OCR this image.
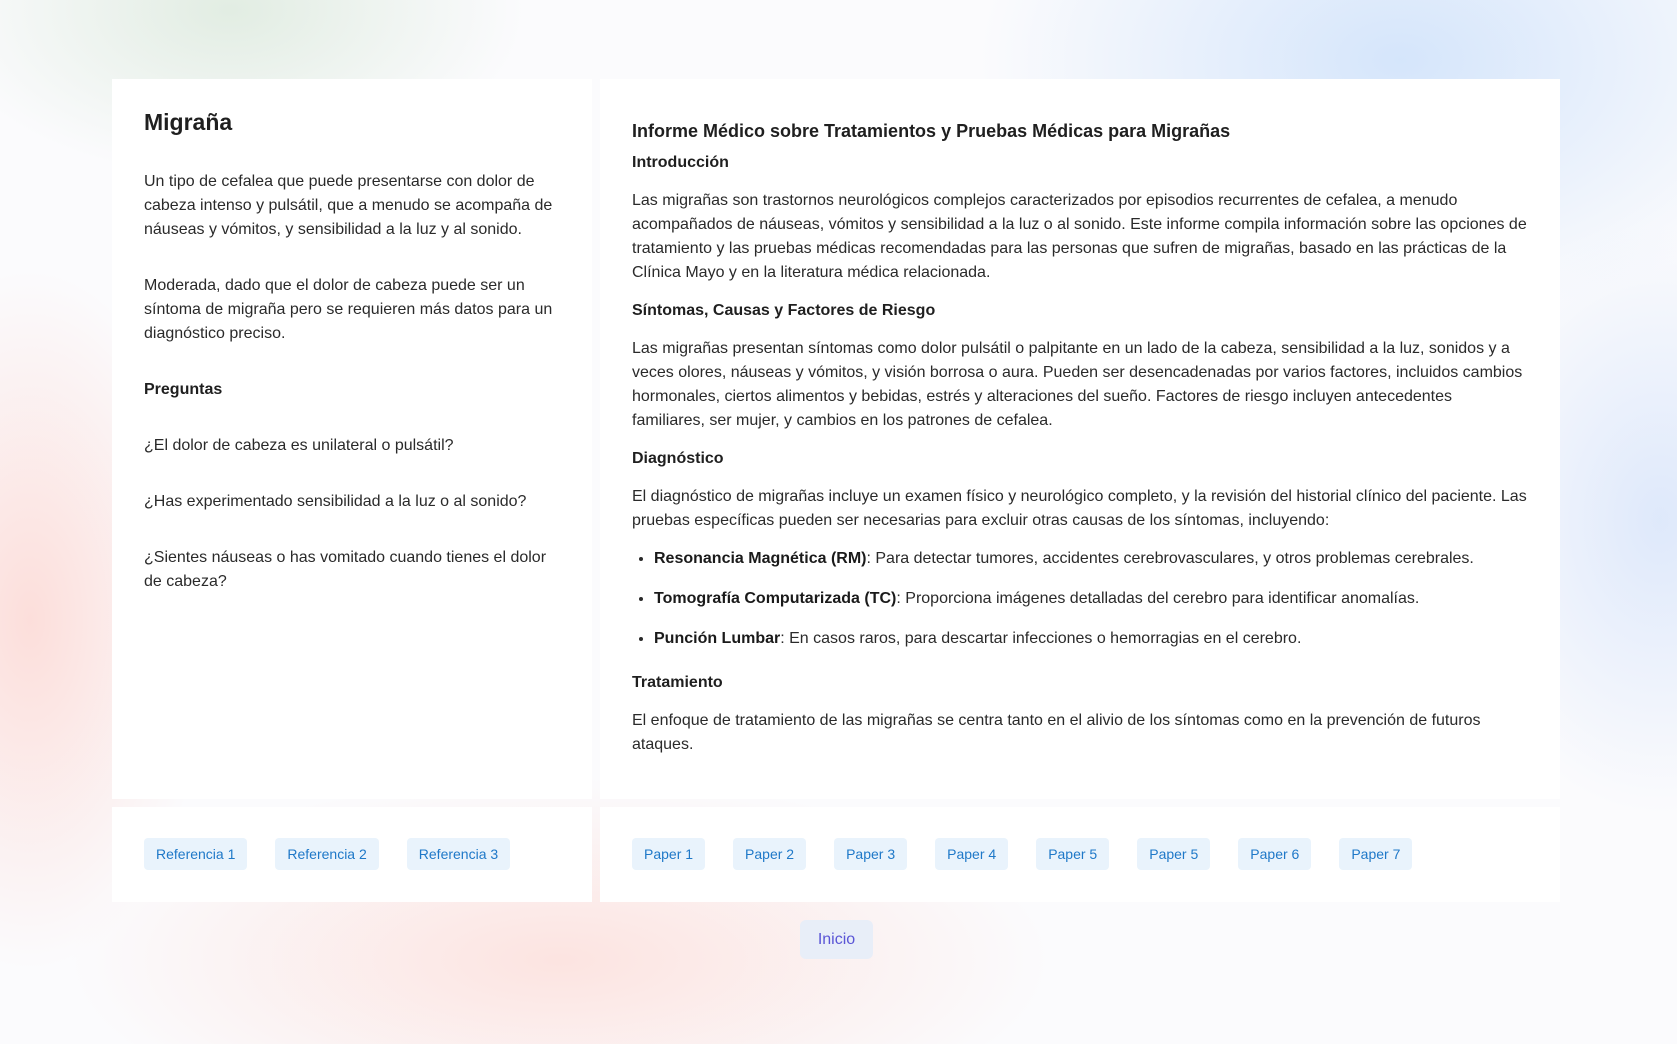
Migraña

Un tipo de cefalea que puede presentarse con dolor de cabeza intenso y pulsátil, que a menudo se acompaña de náuseas y vómitos, y sensibilidad a la luz y al sonido.

Moderada, dado que el dolor de cabeza puede ser un síntoma de migraña pero se requieren más datos para un diagnóstico preciso.

Preguntas
¿El dolor de cabeza es unilateral o pulsátil?
¿Has experimentado sensibilidad a la luz o al sonido?
¿Sientes náuseas o has vomitado cuando tienes el dolor de cabeza?
Informe Médico sobre Tratamientos y Pruebas Médicas para Migrañas
Introducción

Las migrañas son trastornos neurológicos complejos caracterizados por episodios recurrentes de cefalea, a menudo acompañados de náuseas, vómitos y sensibilidad a la luz o al sonido. Este informe compila información sobre las opciones de tratamiento y las pruebas médicas recomendadas para las personas que sufren de migrañas, basado en las prácticas de la Clínica Mayo y en la literatura médica relacionada.

Síntomas, Causas y Factores de Riesgo

Las migrañas presentan síntomas como dolor pulsátil o palpitante en un lado de la cabeza, sensibilidad a la luz, sonidos y a veces olores, náuseas y vómitos, y visión borrosa o aura. Pueden ser desencadenadas por varios factores, incluidos cambios hormonales, ciertos alimentos y bebidas, estrés y alteraciones del sueño. Factores de riesgo incluyen antecedentes familiares, ser mujer, y cambios en los patrones de cefalea.

Diagnóstico

El diagnóstico de migrañas incluye un examen físico y neurológico completo, y la revisión del historial clínico del paciente. Las pruebas específicas pueden ser necesarias para excluir otras causas de los síntomas, incluyendo:

• Resonancia Magnética (RM): Para detectar tumores, accidentes cerebrovasculares, y otros problemas cerebrales.
• Tomografía Computarizada (TC): Proporciona imágenes detalladas del cerebro para identificar anomalías.
• Punción Lumbar: En casos raros, para descartar infecciones o hemorragias en el cerebro.
Tratamiento

El enfoque de tratamiento de las migrañas se centra tanto en el alivio de los síntomas como en la prevención de futuros ataques.

Referencia 1	Referencia 2	Referencia 3	Paper 1	Paper 2	Paper 3	Paper 4	Paper 5	Paper 5	Paper 6	Paper 7
Inicio
